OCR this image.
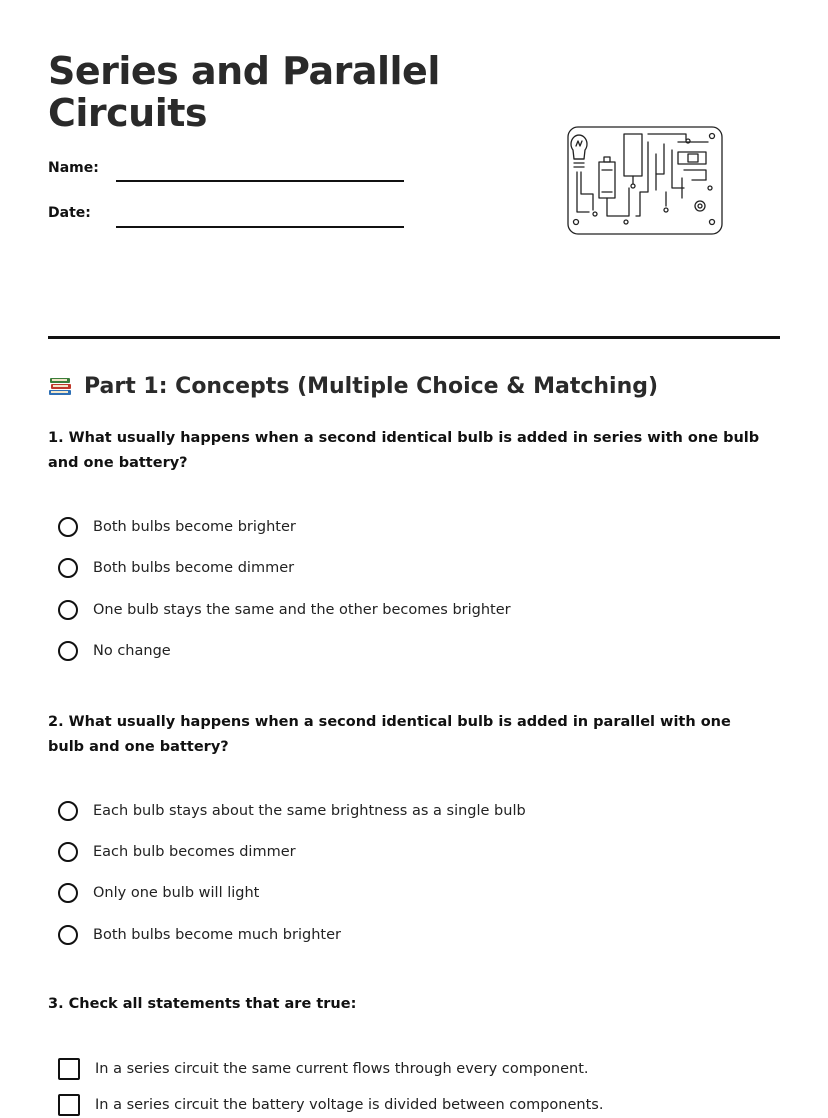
Series and Parallel Circuits
Name:
Date:
Part 1: Concepts (Multiple Choice & Matching)

1. What usually happens when a second identical bulb is added in series with one bulb and one battery?

Both bulbs become brighter
Both bulbs become dimmer
One bulb stays the same and the other becomes brighter
No change

2. What usually happens when a second identical bulb is added in parallel with one bulb and one battery?

Each bulb stays about the same brightness as a single bulb
Each bulb becomes dimmer
Only one bulb will light
Both bulbs become much brighter

3. Check all statements that are true:

In a series circuit the same current flows through every component.
In a series circuit the battery voltage is divided between components.
